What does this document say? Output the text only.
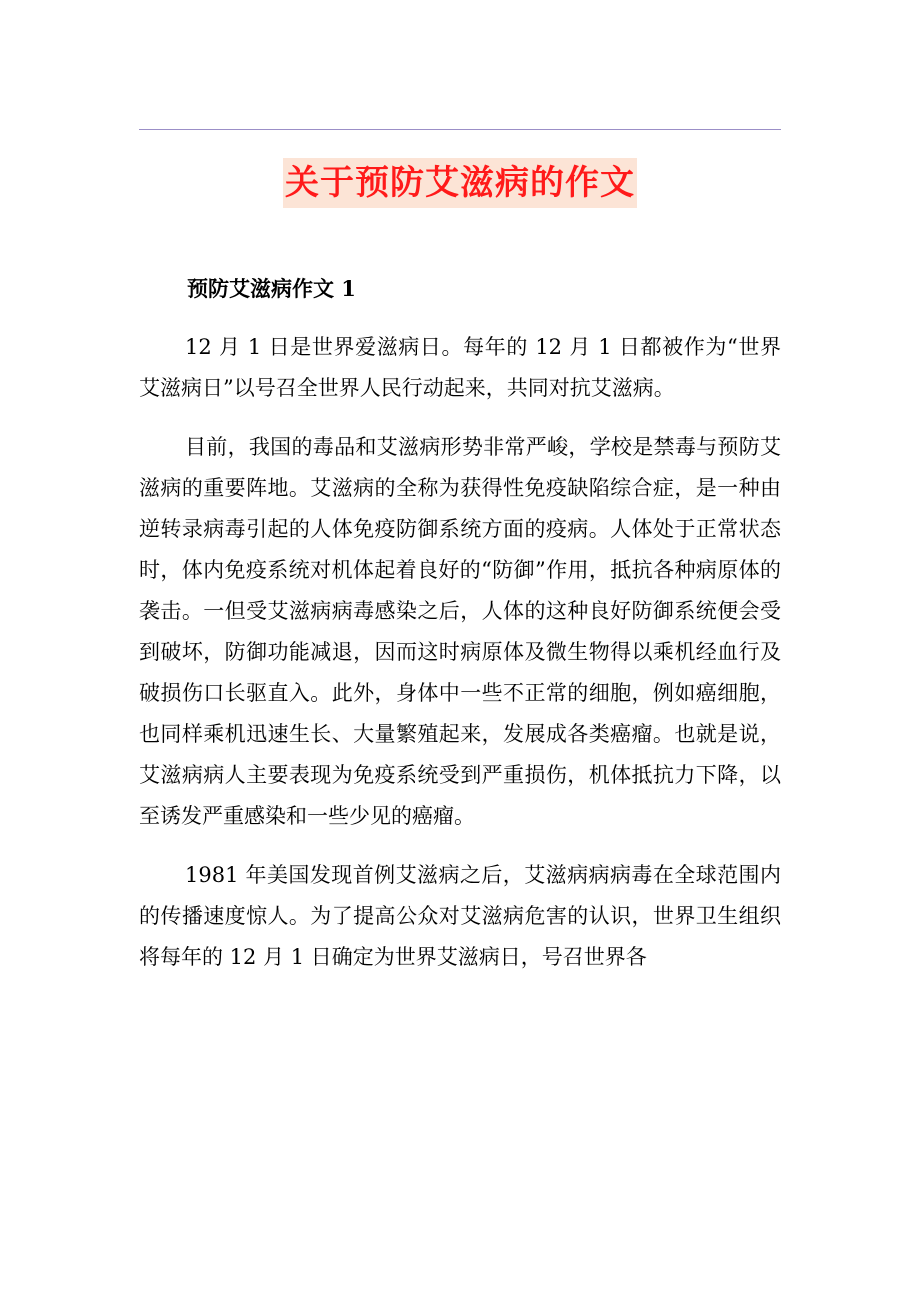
关于预防艾滋病的作文

预防艾滋病作文 1

12 月 1 日是世界爱滋病日。每年的 12 月 1 日都被作为“世界艾滋病日”以号召全世界人民行动起来，共同对抗艾滋病。

目前，我国的毒品和艾滋病形势非常严峻，学校是禁毒与预防艾滋病的重要阵地。艾滋病的全称为获得性免疫缺陷综合症，是一种由逆转录病毒引起的人体免疫防御系统方面的疫病。人体处于正常状态时，体内免疫系统对机体起着良好的“防御”作用，抵抗各种病原体的袭击。一但受艾滋病病毒感染之后，人体的这种良好防御系统便会受到破坏，防御功能减退，因而这时病原体及微生物得以乘机经血行及破损伤口长驱直入。此外，身体中一些不正常的细胞，例如癌细胞，也同样乘机迅速生长、大量繁殖起来，发展成各类癌瘤。也就是说，艾滋病病人主要表现为免疫系统受到严重损伤，机体抵抗力下降，以至诱发严重感染和一些少见的癌瘤。

1981 年美国发现首例艾滋病之后，艾滋病病病毒在全球范围内的传播速度惊人。为了提高公众对艾滋病危害的认识，世界卫生组织将每年的 12 月 1 日确定为世界艾滋病日，号召世界各
